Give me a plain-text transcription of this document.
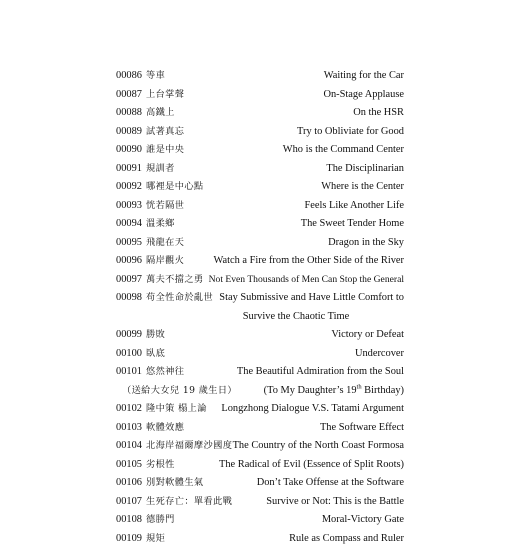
00086 等車	Waiting for the Car
00087 上台掌聲	On-Stage Applause
00088 高鐵上	On the HSR
00089 試著真忘	Try to Obliviate for Good
00090 誰是中央	Who is the Command Center
00091 規訓者	The Disciplinarian
00092 哪裡是中心點	Where is the Center
00093 恍若隔世	Feels Like Another Life
00094 溫柔鄉	The Sweet Tender Home
00095 飛龍在天	Dragon in the Sky
00096 隔岸觀火	Watch a Fire from the Other Side of the River
00097 萬夫不擋之勇 Not Even Thousands of Men Can Stop the General
00098 苟全性命於亂世 Stay Submissive and Have Little Comfort to
Survive the Chaotic Time
00099 勝敗	Victory or Defeat
00100 臥底	Undercover
00101 悠然神往	The Beautiful Admiration from the Soul
（送給大女兒 19 歲生日）	(To My Daughter’s 19th Birthday)
00102 隆中策 榻上論 Longzhong Dialogue V.S. Tatami Argument
00103 軟體效應	The Software Effect
00104 北海岸福爾摩沙國度 The Country of the North Coast Formosa
00105 劣根性	The Radical of Evil (Essence of Split Roots)
00106 別對軟體生氣	Don’t Take Offense at the Software
00107 生死存亡：單看此戰	Survive or Not: This is the Battle
00108 德勝門	Moral-Victory Gate
00109 規矩	Rule as Compass and Ruler
